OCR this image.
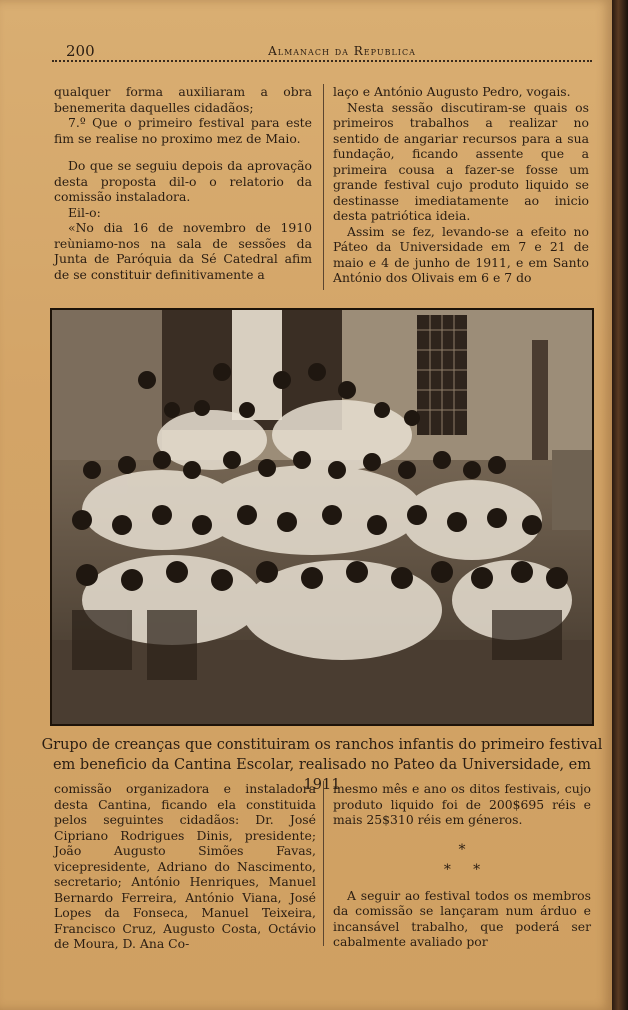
200	Almanach da Republica

qualquer forma auxiliaram a obra benemerita daquelles cidadãos;

7.º Que o primeiro festival para este fim se realise no proximo mez de Maio.

Do que se seguiu depois da aprovação desta proposta dil-o o relatorio da comissão instaladora.

Eil-o:

«No dia 16 de novembro de 1910 reùniamo-nos na sala de sessões da Junta de Paróquia da Sé Catedral afim de se constituir definitivamente a

laço e António Augusto Pedro, vogais.

Nesta sessão discutiram-se quais os primeiros trabalhos a realizar no sentido de angariar recursos para a sua fundação, ficando assente que a primeira cousa a fazer-se fosse um grande festival cujo produto liquido se destinasse imediatamente ao inicio desta patriótica ideia.

Assim se fez, levando-se a efeito no Páteo da Universidade em 7 e 21 de maio e 4 de junho de 1911, e em Santo António dos Olivais em 6 e 7 do

Grupo de creanças que constituiram os ranchos infantis do primeiro festival
em beneficio da Cantina Escolar, realisado no Pateo da Universidade, em 1911

comissão organizadora e instaladora desta Cantina, ficando ela constituida pelos seguintes cidadãos: Dr. José Cipriano Rodrigues Dinis, presidente; João Augusto Simões Favas, vicepresidente, Adriano do Nascimento, secretario; António Henriques, Manuel Bernardo Ferreira, António Viana, José Lopes da Fonseca, Manuel Teixeira, Francisco Cruz, Augusto Costa, Octávio de Moura, D. Ana Co-

mesmo mês e ano os ditos festivais, cujo produto liquido foi de 200$695 réis e mais 25$310 réis em géneros.

*
*     *

A seguir ao festival todos os membros da comissão se lançaram num árduo e incansável trabalho, que poderá ser cabalmente avaliado por
